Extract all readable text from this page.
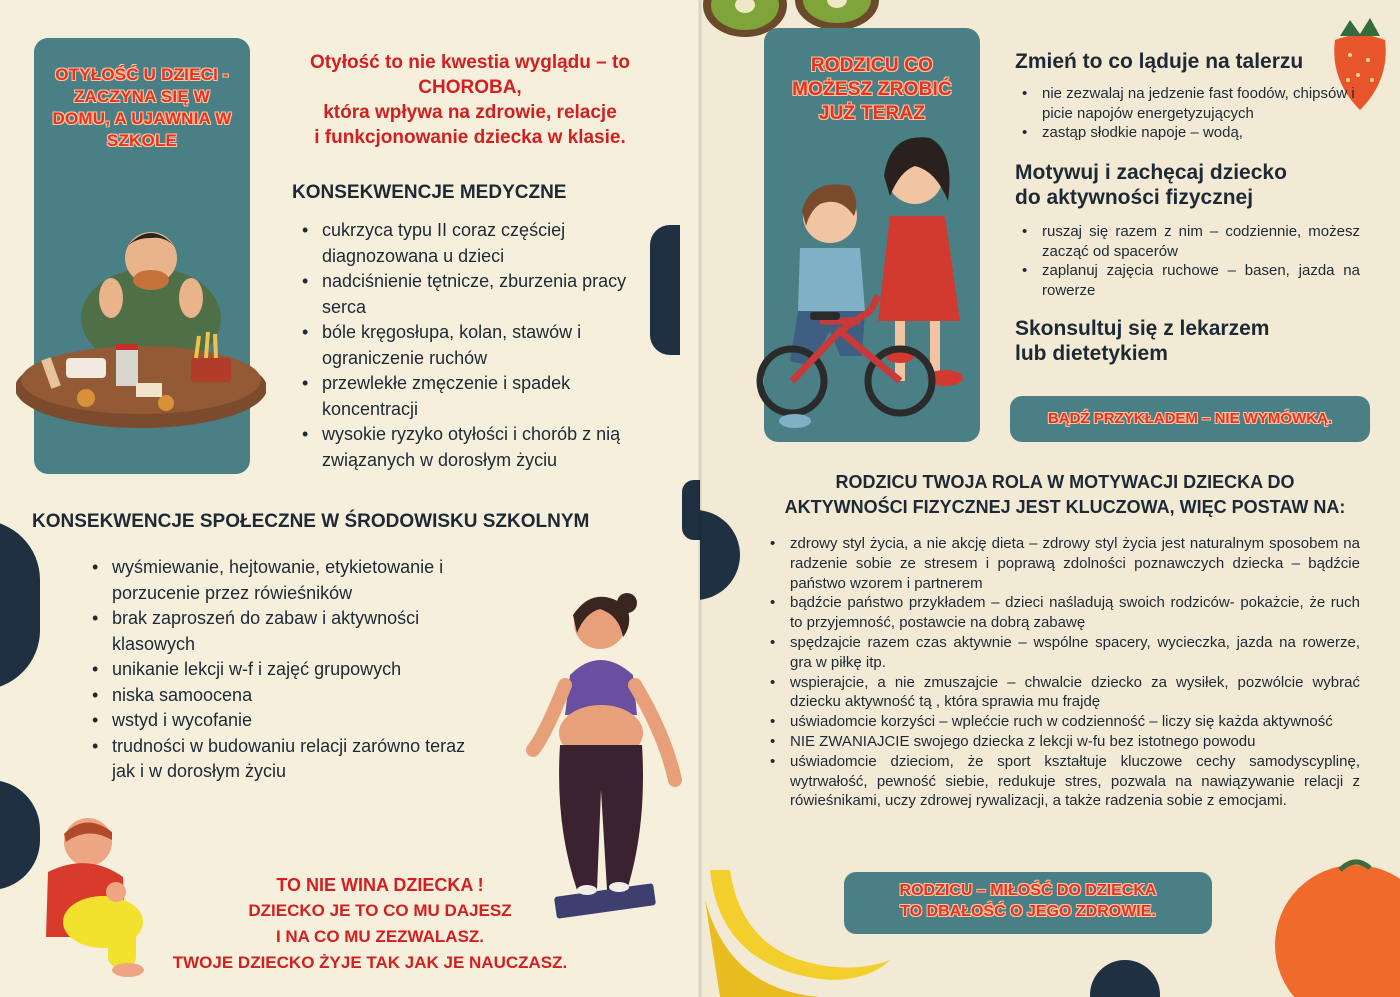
OTYŁOŚĆ U DZIECI - ZACZYNA SIĘ W DOMU, A UJAWNIA W SZKOLE
Otyłość to nie kwestia wyglądu – to
CHOROBA,
która wpływa na zdrowie, relacje
i funkcjonowanie dziecka w klasie.
KONSEKWENCJE MEDYCZNE
• cukrzyca typu II coraz częściej diagnozowana u dzieci
• nadciśnienie tętnicze, zburzenia pracy serca
• bóle kręgosłupa, kolan, stawów i ograniczenie ruchów
• przewlekłe zmęczenie i spadek koncentracji
• wysokie ryzyko otyłości i chorób z nią związanych w dorosłym życiu
KONSEKWENCJE SPOŁECZNE W ŚRODOWISKU SZKOLNYM
• wyśmiewanie, hejtowanie, etykietowanie i porzucenie przez rówieśników
• brak zaproszeń do zabaw i aktywności klasowych
• unikanie lekcji w-f i zajęć grupowych
• niska samoocena
• wstyd i wycofanie
• trudności w budowaniu relacji zarówno teraz jak i w dorosłym życiu
TO NIE WINA DZIECKA !
DZIECKO JE TO CO MU DAJESZ
I NA CO MU ZEZWALASZ.
TWOJE DZIECKO ŻYJE TAK JAK JE NAUCZASZ.
RODZICU CO MOŻESZ ZROBIĆ JUŻ TERAZ
Zmień to co ląduje na talerzu
• nie zezwalaj na jedzenie fast foodów, chipsów i picie napojów energetyzujących
• zastąp słodkie napoje – wodą,
Motywuj i zachęcaj dziecko do aktywności fizycznej
• ruszaj się razem z nim – codziennie, możesz zacząć od spacerów
• zaplanuj zajęcia ruchowe – basen, jazda na rowerze
Skonsultuj się z lekarzem lub dietetykiem
BĄDŹ PRZYKŁADEM – NIE WYMÓWKĄ.
RODZICU TWOJA ROLA W MOTYWACJI DZIECKA DO
AKTYWNOŚCI FIZYCZNEJ JEST KLUCZOWA, WIĘC POSTAW NA:
• zdrowy styl życia, a nie akcję dieta – zdrowy styl życia jest naturalnym sposobem na radzenie sobie ze stresem i poprawą zdolności poznawczych dziecka – bądźcie państwo wzorem i partnerem
• bądźcie państwo przykładem – dzieci naśladują swoich rodziców- pokażcie, że ruch to przyjemność, postawcie na dobrą zabawę
• spędzajcie razem czas aktywnie – wspólne spacery, wycieczka, jazda na rowerze, gra w piłkę itp.
• wspierajcie, a nie zmuszajcie – chwalcie dziecko za wysiłek, pozwólcie wybrać dziecku aktywność tą , która sprawia mu frajdę
• uświadomcie korzyści – wplećcie ruch w codzienność – liczy się każda aktywność
• NIE ZWANIAJCIE swojego dziecka z lekcji w-fu bez istotnego powodu
• uświadomcie dzieciom, że sport kształtuje kluczowe cechy samodyscyplinę, wytrwałość, pewność siebie, redukuje stres, pozwala na nawiązywanie relacji z rówieśnikami, uczy zdrowej rywalizacji, a także radzenia sobie z emocjami.
RODZICU – MIŁOŚĆ DO DZIECKA
TO DBAŁOŚĆ O JEGO ZDROWIE.
